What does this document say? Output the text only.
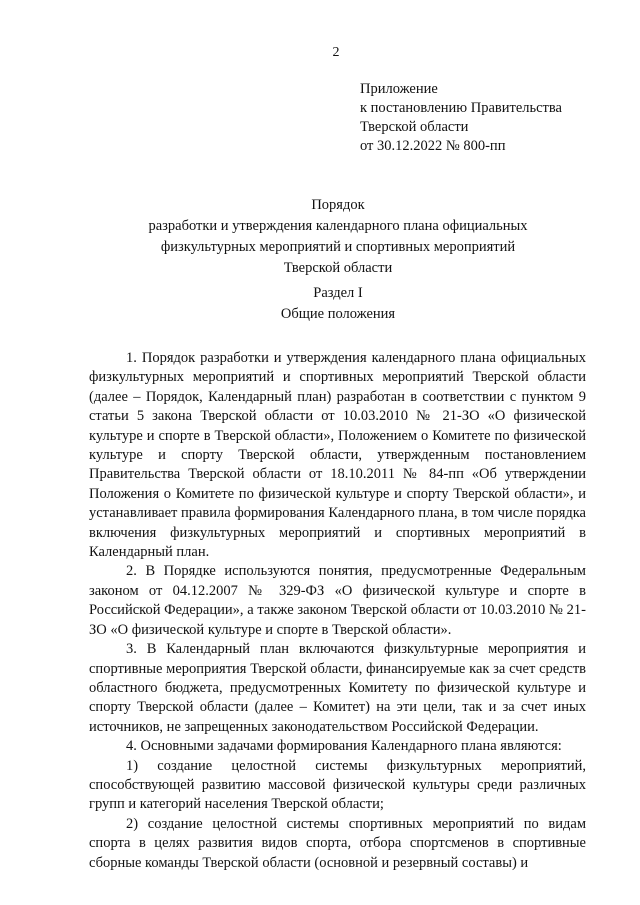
2
Приложение
к постановлению Правительства
Тверской области
от 30.12.2022 № 800-пп
Порядок
разработки и утверждения календарного плана официальных
физкультурных мероприятий и спортивных мероприятий
Тверской области
Раздел I
Общие положения

1. Порядок разработки и утверждения календарного плана официальных физкультурных мероприятий и спортивных мероприятий Тверской области (далее – Порядок, Календарный план) разработан в соответствии с пунктом 9 статьи 5 закона Тверской области от 10.03.2010 № 21-ЗО «О физической культуре и спорте в Тверской области», Положением о Комитете по физической культуре и спорту Тверской области, утвержденным постановлением Правительства Тверской области от 18.10.2011 № 84-пп «Об утверждении Положения о Комитете по физической культуре и спорту Тверской области», и устанавливает правила формирования Календарного плана, в том числе порядка включения физкультурных мероприятий и спортивных мероприятий в Календарный план.

2. В Порядке используются понятия, предусмотренные Федеральным законом от 04.12.2007 № 329-ФЗ «О физической культуре и спорте в Российской Федерации», а также законом Тверской области от 10.03.2010 № 21-ЗО «О физической культуре и спорте в Тверской области».

3. В Календарный план включаются физкультурные мероприятия и спортивные мероприятия Тверской области, финансируемые как за счет средств областного бюджета, предусмотренных Комитету по физической культуре и спорту Тверской области (далее – Комитет) на эти цели, так и за счет иных источников, не запрещенных законодательством Российской Федерации.

4. Основными задачами формирования Календарного плана являются:

1) создание целостной системы физкультурных мероприятий, способствующей развитию массовой физической культуры среди различных групп и категорий населения Тверской области;

2) создание целостной системы спортивных мероприятий по видам спорта в целях развития видов спорта, отбора спортсменов в спортивные сборные команды Тверской области (основной и резервный составы) и
